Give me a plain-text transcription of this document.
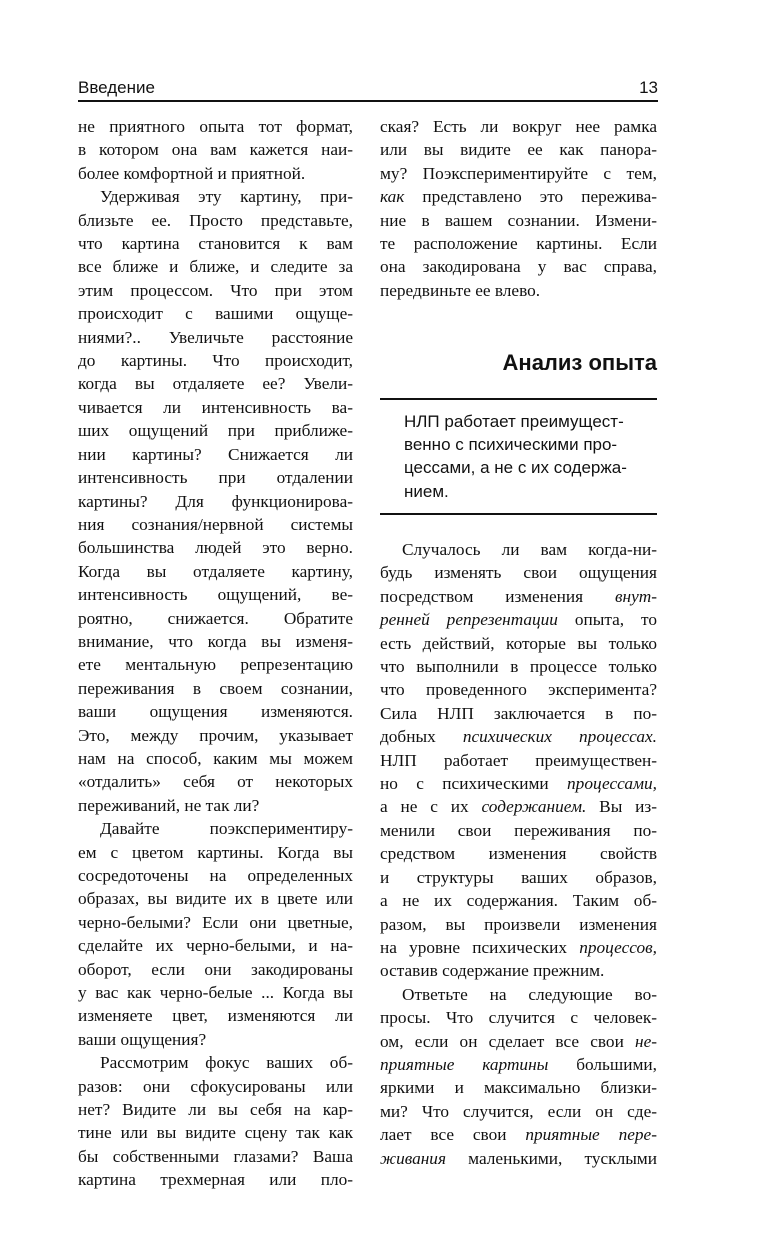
Введение	13

не приятного опыта тот формат,
в котором она вам кажется наи-
более комфортной и приятной.

Удерживая эту картину, при-
близьте ее. Просто представьте,
что картина становится к вам
все ближе и ближе, и следите за
этим процессом. Что при этом
происходит с вашими ощуще-
ниями?.. Увеличьте расстояние
до картины. Что происходит,
когда вы отдаляете ее? Увели-
чивается ли интенсивность ва-
ших ощущений при приближе-
нии картины? Снижается ли
интенсивность при отдалении
картины? Для функционирова-
ния сознания/нервной системы
большинства людей это верно.
Когда вы отдаляете картину,
интенсивность ощущений, ве-
роятно, снижается. Обратите
внимание, что когда вы изменя-
ете ментальную репрезентацию
переживания в своем сознании,
ваши ощущения изменяются.
Это, между прочим, указывает
нам на способ, каким мы можем
«отдалить» себя от некоторых
переживаний, не так ли?

Давайте поэкспериментиру-
ем с цветом картины. Когда вы
сосредоточены на определенных
образах, вы видите их в цвете или
черно-белыми? Если они цветные,
сделайте их черно-белыми, и на-
оборот, если они закодированы
у вас как черно-белые ... Когда вы
изменяете цвет, изменяются ли
ваши ощущения?

Рассмотрим фокус ваших об-
разов: они сфокусированы или
нет? Видите ли вы себя на кар-
тине или вы видите сцену так как
бы собственными глазами? Ваша
картина трехмерная или пло-

ская? Есть ли вокруг нее рамка
или вы видите ее как панора-
му? Поэкспериментируйте с тем,
как представлено это пережива-
ние в вашем сознании. Измени-
те расположение картины. Если
она закодирована у вас справа,
передвиньте ее влево.
Анализ опыта
НЛП работает преимущест-
венно с психическими про-
цессами, а не с их содержа-
нием.
Случалось ли вам когда-ни-
будь изменять свои ощущения
посредством изменения внут-
ренней репрезентации опыта, то
есть действий, которые вы только
что выполнили в процессе только
что проведенного эксперимента?
Сила НЛП заключается в по-
добных психических процессах.
НЛП работает преимуществен-
но с психическими процессами,
а не с их содержанием. Вы из-
менили свои переживания по-
средством изменения свойств
и структуры ваших образов,
а не их содержания. Таким об-
разом, вы произвели изменения
на уровне психических процессов,
оставив содержание прежним.
Ответьте на следующие во-
просы. Что случится с человек-
ом, если он сделает все свои не-
приятные картины большими,
яркими и максимально близки-
ми? Что случится, если он сде-
лает все свои приятные пере-
живания маленькими, тусклыми
